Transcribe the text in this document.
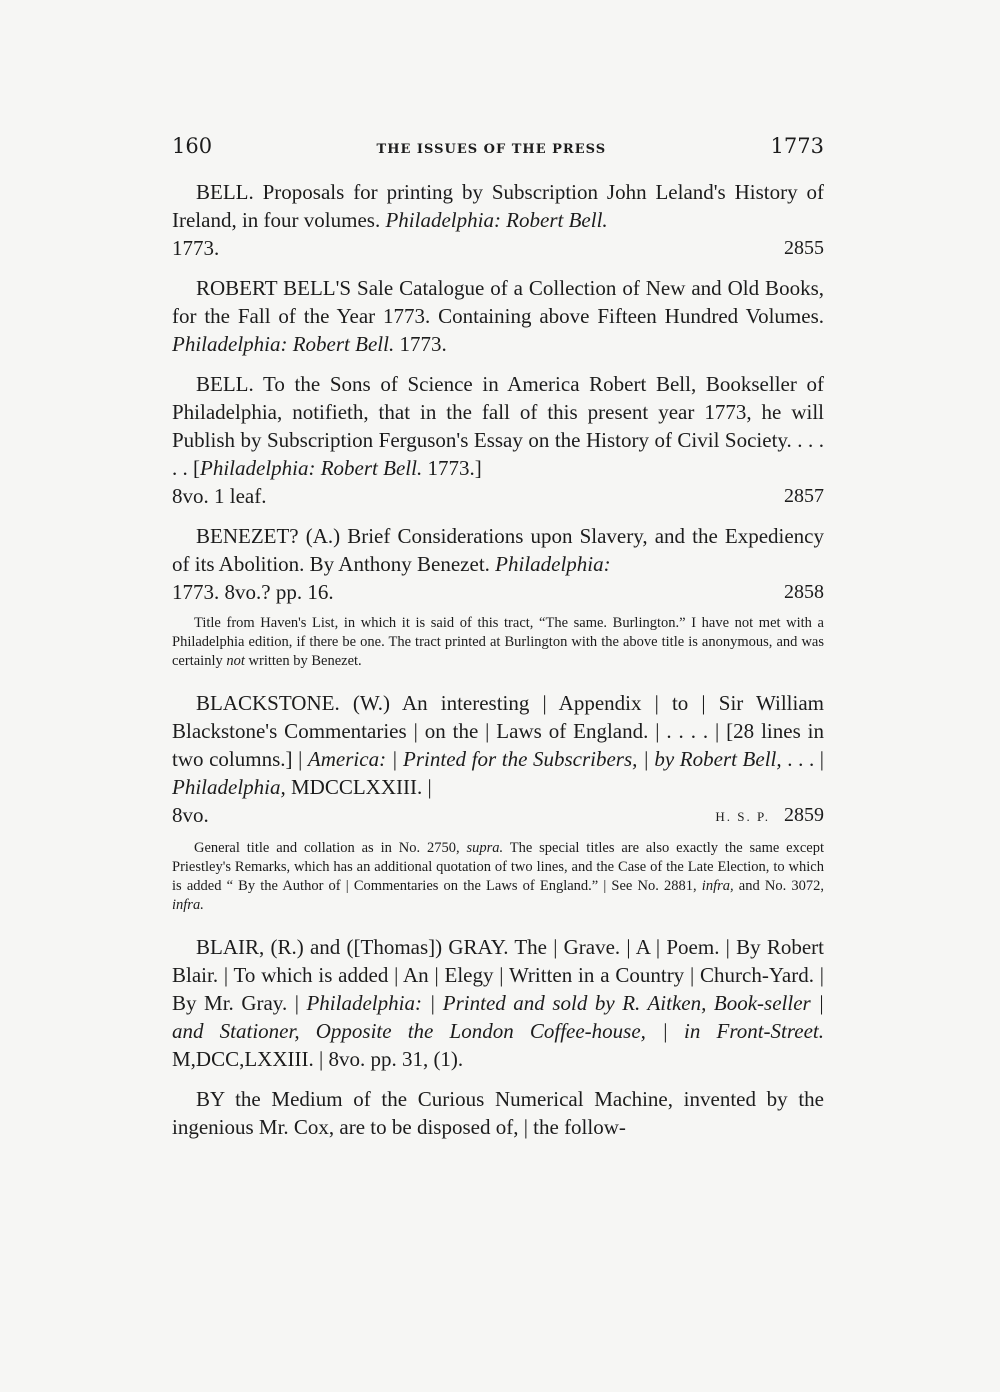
160	THE ISSUES OF THE PRESS	1773

BELL. Proposals for printing by Subscription John Leland's History of Ireland, in four volumes. Philadelphia: Robert Bell.

1773.	2855

ROBERT BELL'S Sale Catalogue of a Collection of New and Old Books, for the Fall of the Year 1773. Containing above Fifteen Hundred Volumes. Philadelphia: Robert Bell. 1773.

BELL. To the Sons of Science in America Robert Bell, Bookseller of Philadelphia, notifieth, that in the fall of this present year 1773, he will Publish by Subscription Ferguson's Essay on the History of Civil Society. . . . . . [Philadelphia: Robert Bell. 1773.]

8vo. 1 leaf.	2857

BENEZET? (A.) Brief Considerations upon Slavery, and the Expediency of its Abolition. By Anthony Benezet. Philadelphia:

1773. 8vo.? pp. 16.	2858

Title from Haven's List, in which it is said of this tract, “The same. Burlington.” I have not met with a Philadelphia edition, if there be one. The tract printed at Burlington with the above title is anonymous, and was certainly not written by Benezet.

BLACKSTONE. (W.) An interesting | Appendix | to | Sir William Blackstone's Commentaries | on the | Laws of England. | . . . . | [28 lines in two columns.] | America: | Printed for the Subscribers, | by Robert Bell, . . . | Philadelphia, MDCCLXXIII. |

8vo.	H. S. P. 2859

General title and collation as in No. 2750, supra. The special titles are also exactly the same except Priestley's Remarks, which has an additional quotation of two lines, and the Case of the Late Election, to which is added “ By the Author of | Commentaries on the Laws of England.” | See No. 2881, infra, and No. 3072, infra.

BLAIR, (R.) and ([Thomas]) GRAY. The | Grave. | A | Poem. | By Robert Blair. | To which is added | An | Elegy | Written in a Country | Church-Yard. | By Mr. Gray. | Philadelphia: | Printed and sold by R. Aitken, Book-seller | and Stationer, Opposite the London Coffee-house, | in Front-Street. M,DCC,LXXIII. | 8vo. pp. 31, (1).

BY the Medium of the Curious Numerical Machine, invented by the ingenious Mr. Cox, are to be disposed of, | the follow-
